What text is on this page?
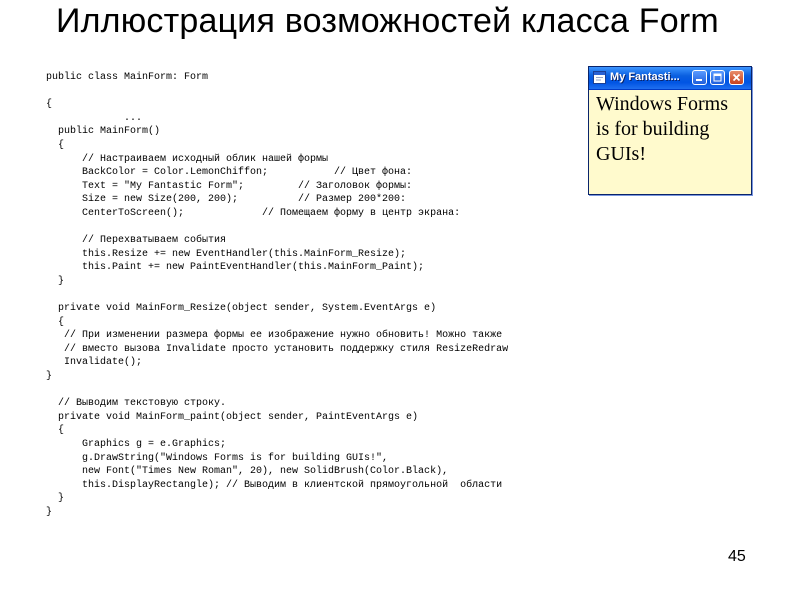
Иллюстрация возможностей класса Form
public class MainForm: Form
{
...
public MainForm()
{
// Настраиваем исходный облик нашей формы
BackColor = Color.LemonChiffon;           // Цвет фона:
Text = "My Fantastic Form";         // Заголовок формы:
Size = new Size(200, 200);          // Размер 200*200:
CenterToScreen();             // Помещаем форму в центр экрана:
// Перехватываем события
this.Resize += new EventHandler(this.MainForm_Resize);
this.Paint += new PaintEventHandler(this.MainForm_Paint);
}
private void MainForm_Resize(object sender, System.EventArgs e)
{
// При изменении размера формы ее изображение нужно обновить! Можно также
// вместо вызова Invalidate просто установить поддержку стиля ResizeRedraw
Invalidate();
}
// Выводим текстовую строку.
private void MainForm_paint(object sender, PaintEventArgs e)
{
Graphics g = e.Graphics;
g.DrawString("Windows Forms is for building GUIs!",
new Font("Times New Roman", 20), new SolidBrush(Color.Black),
this.DisplayRectangle); // Выводим в клиентской прямоугольной  области
}
}
My Fantasti...
Windows Forms is for building GUIs!
45
